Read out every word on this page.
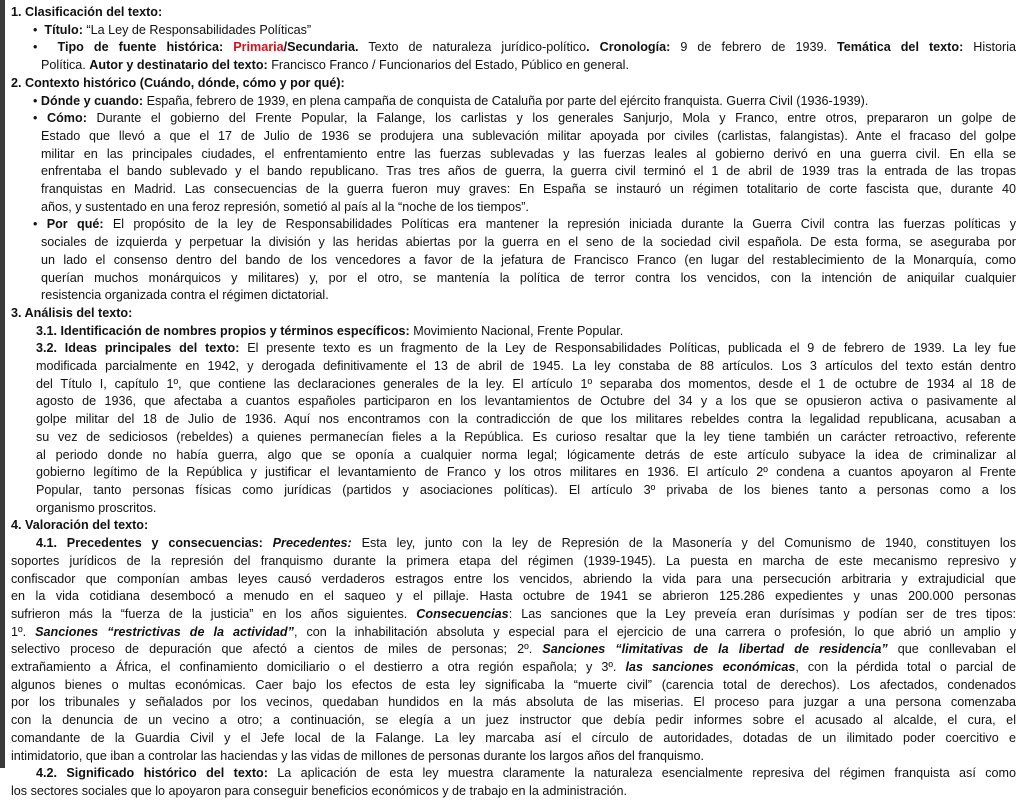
1. Clasificación del texto:
•  Título: “La Ley de Responsabilidades Políticas”
•  Tipo de fuente histórica: Primaria/Secundaria. Texto de naturaleza jurídico-político. Cronología: 9 de febrero de 1939. Temática del texto: Historia
Política. Autor y destinatario del texto: Francisco Franco / Funcionarios del Estado, Público en general.
2. Contexto histórico (Cuándo, dónde, cómo y por qué):
• Dónde y cuando: España, febrero de 1939, en plena campaña de conquista de Cataluña por parte del ejército franquista. Guerra Civil (1936-1939).
• Cómo: Durante el gobierno del Frente Popular, la Falange, los carlistas y los generales Sanjurjo, Mola y Franco, entre otros, prepararon un golpe de
Estado que llevó a que el 17 de Julio de 1936 se produjera una sublevación militar apoyada por civiles (carlistas, falangistas). Ante el fracaso del golpe
militar en las principales ciudades, el enfrentamiento entre las fuerzas sublevadas y las fuerzas leales al gobierno derivó en una guerra civil. En ella se
enfrentaba el bando sublevado y el bando republicano. Tras tres años de guerra, la guerra civil terminó el 1 de abril de 1939 tras la entrada de las tropas
franquistas en Madrid. Las consecuencias de la guerra fueron muy graves: En España se instauró un régimen totalitario de corte fascista que, durante 40
años, y sustentado en una feroz represión, sometió al país al la “noche de los tiempos”.
• Por qué: El propósito de la ley de Responsabilidades Políticas era mantener la represión iniciada durante la Guerra Civil contra las fuerzas políticas y
sociales de izquierda y perpetuar la división y las heridas abiertas por la guerra en el seno de la sociedad civil española. De esta forma, se aseguraba por
un lado el consenso dentro del bando de los vencedores a favor de la jefatura de Francisco Franco (en lugar del restablecimiento de la Monarquía, como
querían muchos monárquicos y militares) y, por el otro, se mantenía la política de terror contra los vencidos, con la intención de aniquilar cualquier
resistencia organizada contra el régimen dictatorial.
3. Análisis del texto:
3.1. Identificación de nombres propios y términos específicos: Movimiento Nacional, Frente Popular.
3.2. Ideas principales del texto: El presente texto es un fragmento de la Ley de Responsabilidades Políticas, publicada el 9 de febrero de 1939. La ley fue
modificada parcialmente en 1942, y derogada definitivamente el 13 de abril de 1945. La ley constaba de 88 artículos. Los 3 artículos del texto están dentro
del Título I, capítulo 1º, que contiene las declaraciones generales de la ley. El artículo 1º separaba dos momentos, desde el 1 de octubre de 1934 al 18 de
agosto de 1936, que afectaba a cuantos españoles participaron en los levantamientos de Octubre del 34 y a los que se opusieron activa o pasivamente al
golpe militar del 18 de Julio de 1936. Aquí nos encontramos con la contradicción de que los militares rebeldes contra la legalidad republicana, acusaban a
su vez de sediciosos (rebeldes) a quienes permanecían fieles a la República. Es curioso resaltar que la ley tiene también un carácter retroactivo, referente
al periodo donde no había guerra, algo que se oponía a cualquier norma legal; lógicamente detrás de este artículo subyace la idea de criminalizar al
gobierno legítimo de la República y justificar el levantamiento de Franco y los otros militares en 1936. El artículo 2º condena a cuantos apoyaron al Frente
Popular, tanto personas físicas como jurídicas (partidos y asociaciones políticas). El artículo 3º privaba de los bienes tanto a personas como a los
organismo proscritos.
4. Valoración del texto:
4.1. Precedentes y consecuencias: Precedentes: Esta ley, junto con la ley de Represión de la Masonería y del Comunismo de 1940, constituyen los
soportes jurídicos de la represión del franquismo durante la primera etapa del régimen (1939-1945). La puesta en marcha de este mecanismo represivo y
confiscador que componían ambas leyes causó verdaderos estragos entre los vencidos, abriendo la vida para una persecución arbitraria y extrajudicial que
en la vida cotidiana desembocó a menudo en el saqueo y el pillaje. Hasta octubre de 1941 se abrieron 125.286 expedientes y unas 200.000 personas
sufrieron más la “fuerza de la justicia” en los años siguientes. Consecuencias: Las sanciones que la Ley preveía eran durísimas y podían ser de tres tipos:
1º. Sanciones “restrictivas de la actividad”, con la inhabilitación absoluta y especial para el ejercicio de una carrera o profesión, lo que abrió un amplio y
selectivo proceso de depuración que afectó a cientos de miles de personas; 2º. Sanciones “limitativas de la libertad de residencia” que conllevaban el
extrañamiento a África, el confinamiento domiciliario o el destierro a otra región española; y 3º. las sanciones económicas, con la pérdida total o parcial de
algunos bienes o multas económicas. Caer bajo los efectos de esta ley significaba la “muerte civil” (carencia total de derechos). Los afectados, condenados
por los tribunales y señalados por los vecinos, quedaban hundidos en la más absoluta de las miserias. El proceso para juzgar a una persona comenzaba
con la denuncia de un vecino a otro; a continuación, se elegía a un juez instructor que debía pedir informes sobre el acusado al alcalde, el cura, el
comandante de la Guardia Civil y el Jefe local de la Falange. La ley marcaba así el círculo de autoridades, dotadas de un ilimitado poder coercitivo e
intimidatorio, que iban a controlar las haciendas y las vidas de millones de personas durante los largos años del franquismo.
4.2. Significado histórico del texto: La aplicación de esta ley muestra claramente la naturaleza esencialmente represiva del régimen franquista así como
los sectores sociales que lo apoyaron para conseguir beneficios económicos y de trabajo en la administración.
